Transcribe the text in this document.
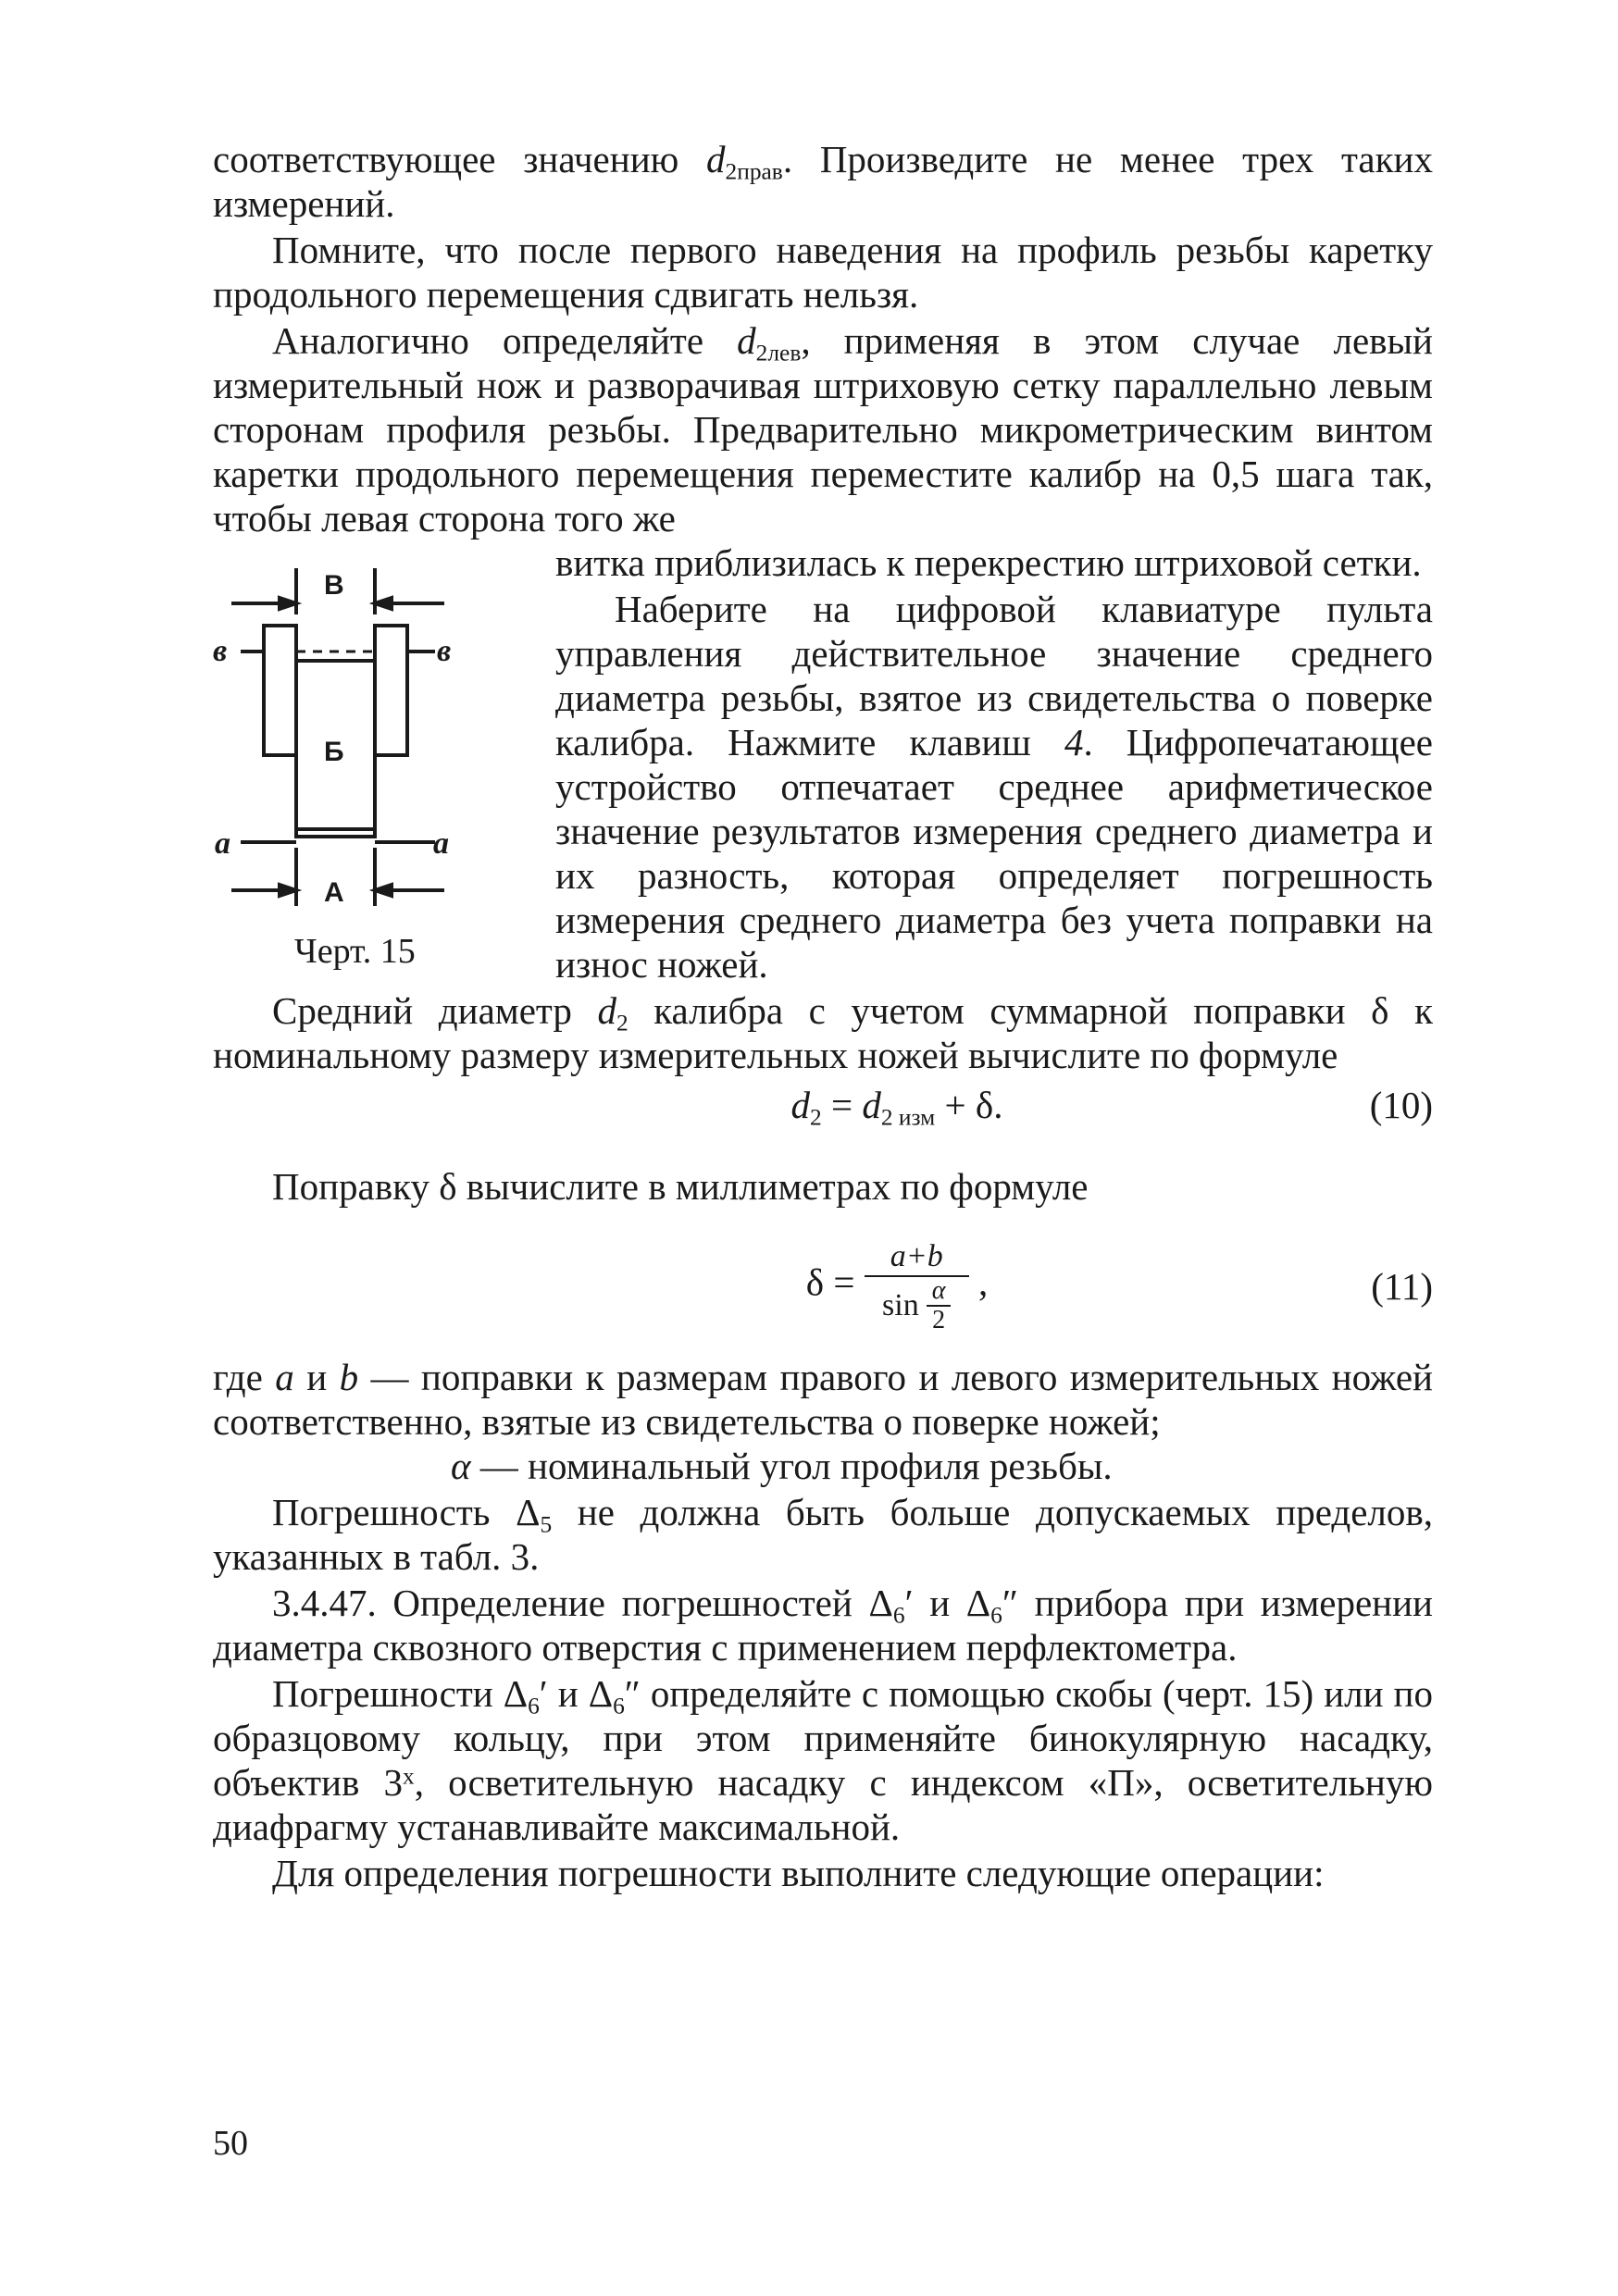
соответствующее значению $d_{2прав}$. Произведите не менее трех таких измерений.

Помните, что после первого наведения на профиль резьбы каретку продольного перемещения сдвигать нельзя.

Аналогично определяйте $d_{2лев}$, применяя в этом случае левый измерительный нож и разворачивая штриховую сетку параллельно левым сторонам профиля резьбы. Предварительно микрометрическим винтом каретки продольного перемещения переместите калибр на 0,5 шага так, чтобы левая сторона того же

В
в	в
Б
а	а
А
Черт. 15

витка приблизилась к перекрестию штриховой сетки.

Наберите на цифровой клавиатуре пульта управления действительное значение среднего диаметра резьбы, взятое из свидетельства о поверке калибра. Нажмите клавиш 4. Цифропечатающее устройство отпечатает среднее арифметическое значение результатов измерения среднего диаметра и их разность, которая определяет погрешность измерения среднего диаметра без учета поправки на износ ножей.

Средний диаметр $d_2$ калибра с учетом суммарной поправки δ к номинальному размеру измерительных ножей вычислите по формуле

$d_2 = d_{2 изм} + \delta$.	(10)

Поправку δ вычислите в миллиметрах по формуле

$\delta = \frac{a+b}{\sin \frac{\alpha}{2}}$ ,	(11)

где a и b — поправки к размерам правого и левого измерительных ножей соответственно, взятые из свидетельства о поверке ножей;

α — номинальный угол профиля резьбы.

Погрешность $\Delta_5$ не должна быть больше допускаемых пределов, указанных в табл. 3.

3.4.47. Определение погрешностей $\Delta_6'$ и $\Delta_6''$ прибора при измерении диаметра сквозного отверстия с применением перфлектометра.

Погрешности $\Delta_6'$ и $\Delta_6''$ определяйте с помощью скобы (черт. 15) или по образцовому кольцу, при этом применяйте бинокулярную насадку, объектив 3$^x$, осветительную насадку с индексом «П», осветительную диафрагму устанавливайте максимальной.

Для определения погрешности выполните следующие операции:

50
